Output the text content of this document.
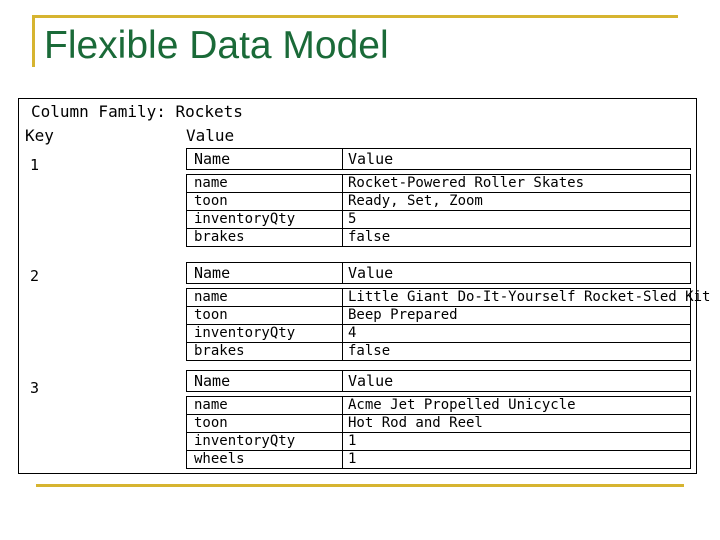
Flexible Data Model
Column Family: Rockets
Key	Value
1	Name	Value
name	Rocket-Powered Roller Skates
toon	Ready, Set, Zoom
inventoryQty	5
brakes	false
2	Name	Value
name	Little Giant Do-It-Yourself Rocket-Sled Kit
toon	Beep Prepared
inventoryQty	4
brakes	false
3	Name	Value
name	Acme Jet Propelled Unicycle
toon	Hot Rod and Reel
inventoryQty	1
wheels	1
